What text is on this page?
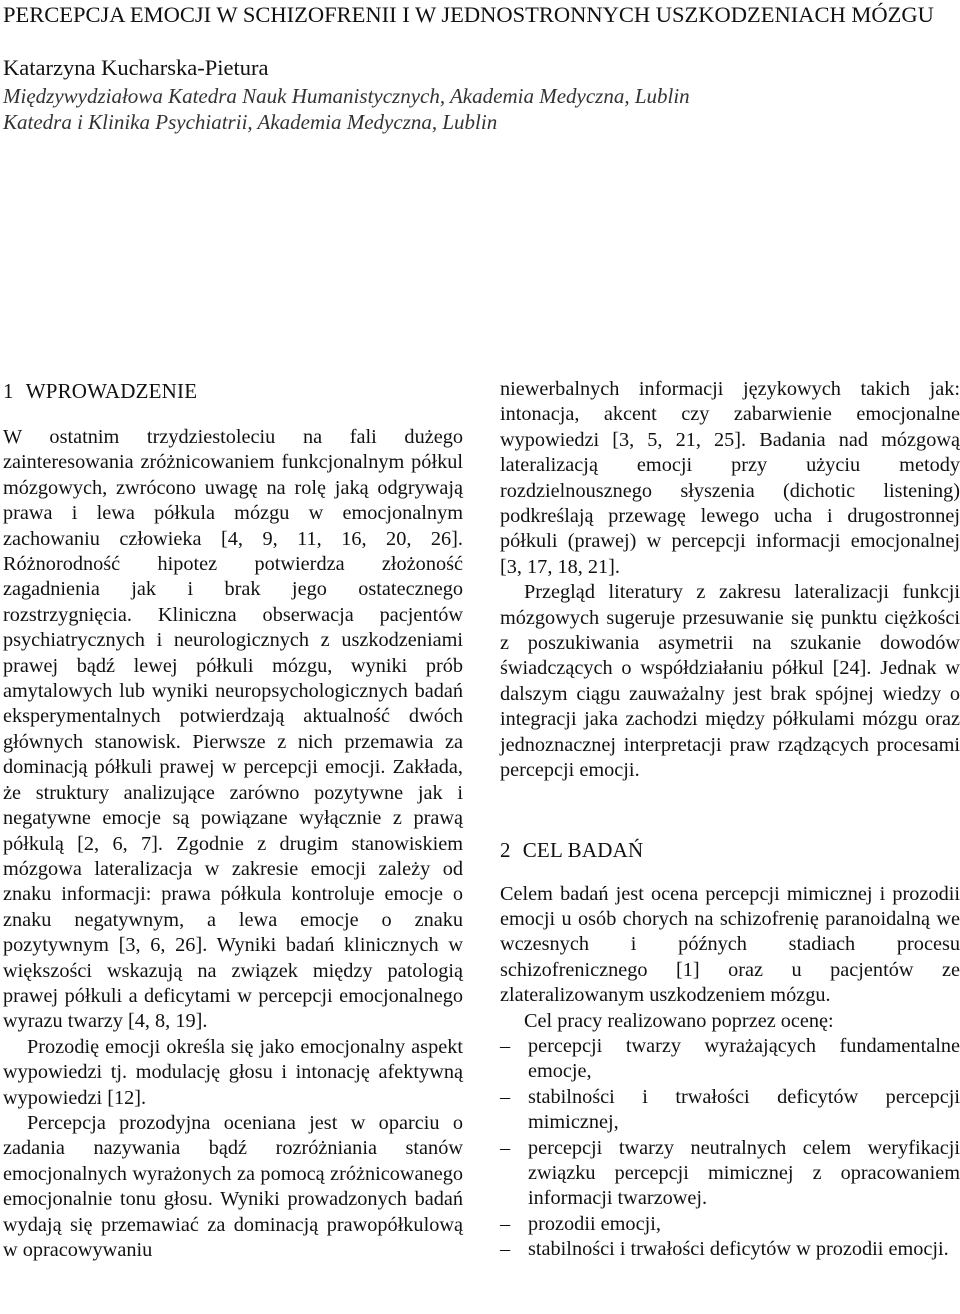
PERCEPCJA EMOCJI W SCHIZOFRENII I W JEDNOSTRONNYCH USZKODZENIACH MÓZGU
Katarzyna Kucharska-Pietura
Międzywydziałowa Katedra Nauk Humanistycznych, Akademia Medyczna, Lublin
Katedra i Klinika Psychiatrii, Akademia Medyczna, Lublin
1 WPROWADZENIE

W ostatnim trzydziestoleciu na fali dużego zainteresowania zróżnicowaniem funkcjonalnym półkul mózgowych, zwrócono uwagę na rolę jaką odgrywają prawa i lewa półkula mózgu w emocjonalnym zachowaniu człowieka [4, 9, 11, 16, 20, 26]. Różnorodność hipotez potwierdza złożoność zagadnienia jak i brak jego ostatecznego rozstrzygnięcia. Kliniczna obserwacja pacjentów psychiatrycznych i neurologicznych z uszkodzeniami prawej bądź lewej półkuli mózgu, wyniki prób amytalowych lub wyniki neuropsychologicznych badań eksperymentalnych potwierdzają aktualność dwóch głównych stanowisk. Pierwsze z nich przemawia za dominacją półkuli prawej w percepcji emocji. Zakłada, że struktury analizujące zarówno pozytywne jak i negatywne emocje są powiązane wyłącznie z prawą półkulą [2, 6, 7]. Zgodnie z drugim stanowiskiem mózgowa lateralizacja w zakresie emocji zależy od znaku informacji: prawa półkula kontroluje emocje o znaku negatywnym, a lewa emocje o znaku pozytywnym [3, 6, 26]. Wyniki badań klinicznych w większości wskazują na związek między patologią prawej półkuli a deficytami w percepcji emocjonalnego wyrazu twarzy [4, 8, 19].

Prozodię emocji określa się jako emocjonalny aspekt wypowiedzi tj. modulację głosu i intonację afektywną wypowiedzi [12].

Percepcja prozodyjna oceniana jest w oparciu o zadania nazywania bądź rozróżniania stanów emocjonalnych wyrażonych za pomocą zróżnicowanego emocjonalnie tonu głosu. Wyniki prowadzonych badań wydają się przemawiać za dominacją prawopółkulową w opracowywaniu

niewerbalnych informacji językowych takich jak: intonacja, akcent czy zabarwienie emocjonalne wypowiedzi [3, 5, 21, 25]. Badania nad mózgową lateralizacją emocji przy użyciu metody rozdzielnousznego słyszenia (dichotic listening) podkreślają przewagę lewego ucha i drugostronnej półkuli (prawej) w percepcji informacji emocjonalnej [3, 17, 18, 21].

Przegląd literatury z zakresu lateralizacji funkcji mózgowych sugeruje przesuwanie się punktu ciężkości z poszukiwania asymetrii na szukanie dowodów świadczących o współdziałaniu półkul [24]. Jednak w dalszym ciągu zauważalny jest brak spójnej wiedzy o integracji jaka zachodzi między półkulami mózgu oraz jednoznacznej interpretacji praw rządzących procesami percepcji emocji.

2 CEL BADAŃ

Celem badań jest ocena percepcji mimicznej i prozodii emocji u osób chorych na schizofrenię paranoidalną we wczesnych i późnych stadiach procesu schizofrenicznego [1] oraz u pacjentów ze zlateralizowanym uszkodzeniem mózgu.

Cel pracy realizowano poprzez ocenę:

– percepcji twarzy wyrażających fundamentalne emocje,
– stabilności i trwałości deficytów percepcji mimicznej,
– percepcji twarzy neutralnych celem weryfikacji związku percepcji mimicznej z opracowaniem informacji twarzowej.
– prozodii emocji,
– stabilności i trwałości deficytów w prozodii emocji.
